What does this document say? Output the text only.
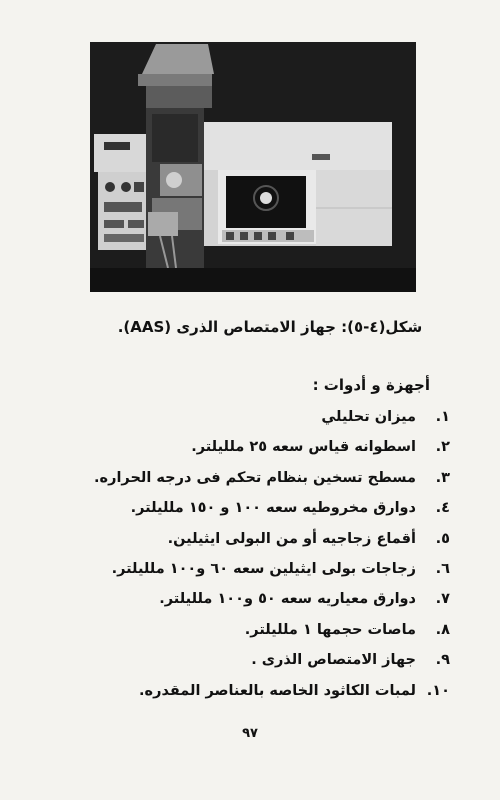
شكل(٤-٥): جهاز الامتصاص الذرى (AAS).
أجهزة و أدوات :
١.
ميزان تحليلي
٢.
اسطوانه قياس سعه ٢٥ ملليلتر.
٣.
مسطح تسخين بنظام تحكم فى درجه الحراره.
٤.
دوارق مخروطيه سعه ١٠٠ و ١٥٠ ملليلتر.
٥.
أقماع زجاجيه أو من البولى ايثيلين.
٦.
زجاجات بولى ايثيلين سعه ٦٠ و١٠٠ ملليلتر.
٧.
دوارق معياريه سعه ٥٠ و١٠٠ ملليلتر.
٨.
ماصات حجمها ١ ملليلتر.
٩.
جهاز الامتصاص الذرى .
١٠.
لمبات الكاثود الخاصه بالعناصر المقدره.
٩٧
